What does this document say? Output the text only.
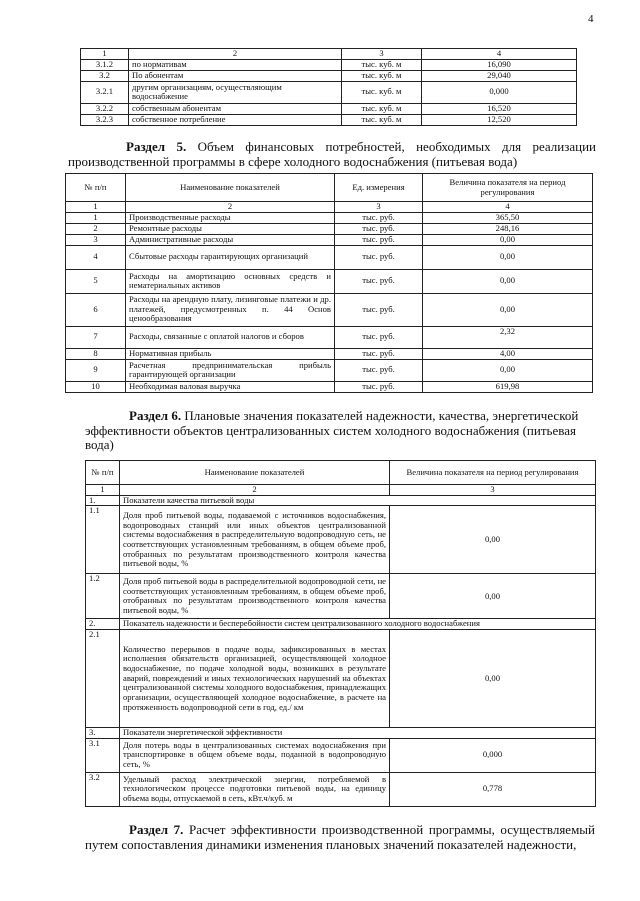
4
1	2	3	4
3.1.2	по нормативам	тыс. куб. м	16,090
3.2	По абонентам	тыс. куб. м	29,040
3.2.1	другим организациям, осуществляющим водоснабжение	тыс. куб. м	0,000
3.2.2	собственным абонентам	тыс. куб. м	16,520
3.2.3	собственное потребление	тыс. куб. м	12,520

Раздел 5. Объем финансовых потребностей, необходимых для реализации производственной программы в сфере холодного водоснабжения (питьевая вода)

№ п/п	Наименование показателей	Ед. измерения	Величина показателя на период регулирования
1	2	3	4
1	Производственные расходы	тыс. руб.	365,50
2	Ремонтные расходы	тыс. руб.	248,16
3	Административные расходы	тыс. руб.	0,00
4	Сбытовые расходы гарантирующих организаций	тыс. руб.	0,00
5	Расходы на амортизацию основных средств и нематериальных активов	тыс. руб.	0,00
6	Расходы на арендную плату, лизинговые платежи и др. платежей, предусмотренных п. 44 Основ ценообразования	тыс. руб.	0,00
7	Расходы, связанные с оплатой налогов и сборов	тыс. руб.	2,32
8	Нормативная прибыль	тыс. руб.	4,00
9	Расчетная предпринимательская прибыль гарантирующей организации	тыс. руб.	0,00
10	Необходимая валовая выручка	тыс. руб.	619,98

Раздел 6. Плановые значения показателей надежности, качества, энергетической эффективности объектов централизованных систем холодного водоснабжения (питьевая вода)

№ п/п	Наименование показателей	Величина показателя на период регулирования
1	2	3
1.	Показатели качества питьевой воды	
1.1	Доля проб питьевой воды, подаваемой с источников водоснабжения, водопроводных станций или иных объектов централизованной системы водоснабжения в распределительную водопроводную сеть, не соответствующих установленным требованиям, в общем объеме проб, отобранных по результатам производственного контроля качества питьевой воды, %	0,00
1.2	Доля проб питьевой воды в распределительной водопроводной сети, не соответствующих установленным требованиям, в общем объеме проб, отобранных по результатам производственного контроля качества питьевой воды, %	0,00
2.	Показатель надежности и бесперебойности систем централизованного холодного водоснабжения	
2.1	Количество перерывов в подаче воды, зафиксированных в местах исполнения обязательств организацией, осуществляющей холодное водоснабжение, по подаче холодной воды, возникших в результате аварий, повреждений и иных технологических нарушений на объектах централизованной системы холодного водоснабжения, принадлежащих организации, осуществляющей холодное водоснабжение, в расчете на протяженность водопроводной сети в год, ед./ км	0,00
3.	Показатели энергетической эффективности	
3.1	Доля потерь воды в централизованных системах водоснабжения при транспортировке в общем объеме воды, поданной в водопроводную сеть, %	0,000
3.2	Удельный расход электрической энергии, потребляемой в технологическом процессе подготовки питьевой воды, на единицу объема воды, отпускаемой в сеть, кВт.ч/куб. м	0,778

Раздел 7. Расчет эффективности производственной программы, осуществляемый путем сопоставления динамики изменения плановых значений показателей надежности,
